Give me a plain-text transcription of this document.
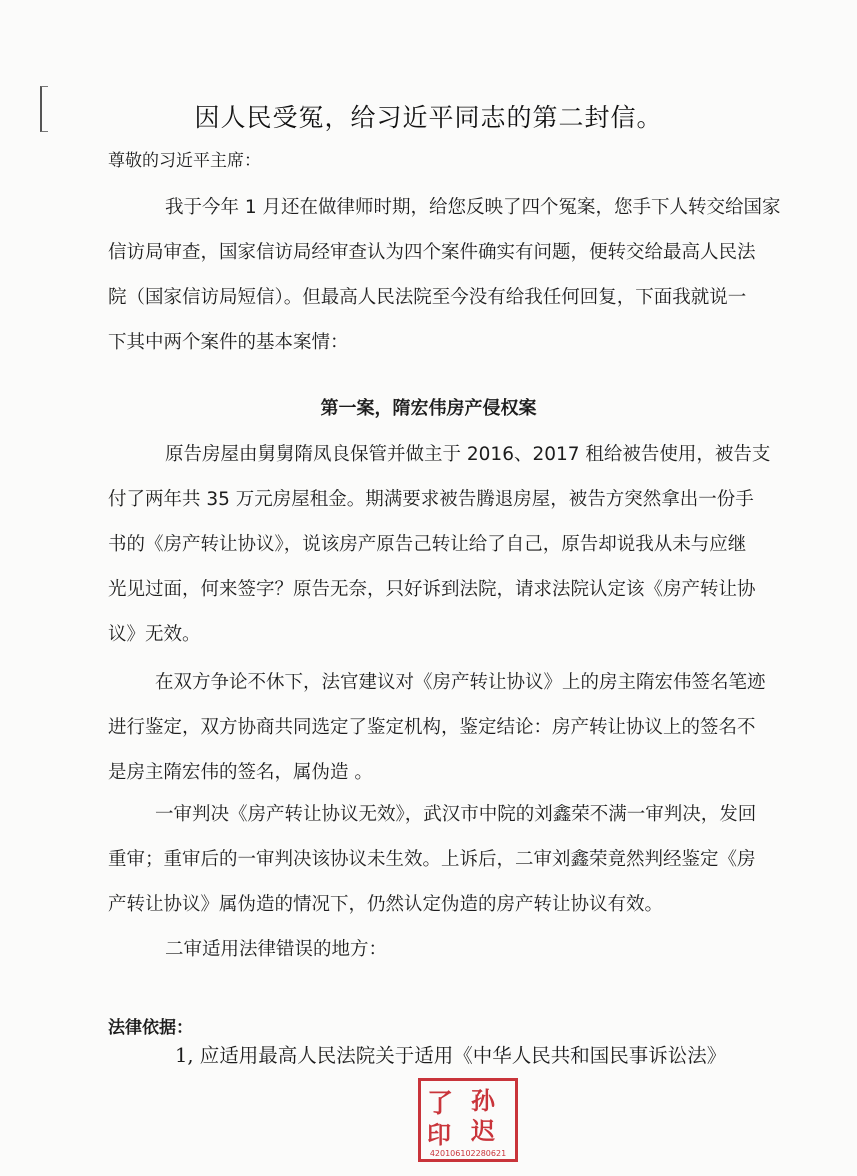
因人民受冤，给习近平同志的第二封信。
尊敬的习近平主席：
我于今年 1 月还在做律师时期，给您反映了四个冤案，您手下人转交给国家
信访局审查，国家信访局经审查认为四个案件确实有问题，便转交给最高人民法
院（国家信访局短信）。但最高人民法院至今没有给我任何回复，下面我就说一
下其中两个案件的基本案情：
第一案，隋宏伟房产侵权案
原告房屋由舅舅隋凤良保管并做主于 2016、2017 租给被告使用，被告支
付了两年共 35 万元房屋租金。期满要求被告腾退房屋，被告方突然拿出一份手
书的《房产转让协议》，说该房产原告己转让给了自己，原告却说我从未与应继
光见过面，何来签字？原告无奈，只好诉到法院，请求法院认定该《房产转让协
议》无效。
在双方争论不休下，法官建议对《房产转让协议》上的房主隋宏伟签名笔迹
进行鉴定，双方协商共同选定了鉴定机构，鉴定结论：房产转让协议上的签名不
是房主隋宏伟的签名，属伪造 。
一审判决《房产转让协议无效》，武汉市中院的刘鑫荣不满一审判决，发回
重审；重审后的一审判决该协议未生效。上诉后，二审刘鑫荣竟然判经鉴定《房
产转让协议》属伪造的情况下，仍然认定伪造的房产转让协议有效。
二审适用法律错误的地方：
法律依据：
1, 应适用最高人民法院关于适用《中华人民共和国民事诉讼法》
孙
了
迟
印
420106102280621
